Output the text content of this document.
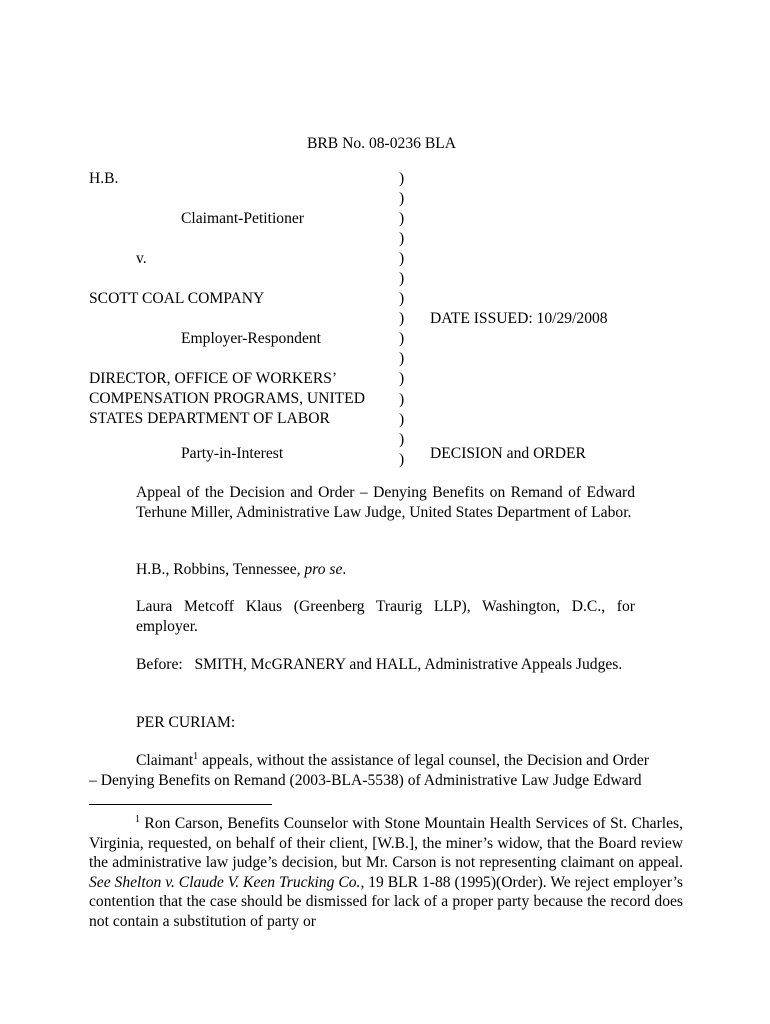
BRB No. 08-0236 BLA

H.B.

Claimant-Petitioner

v.

SCOTT COAL COMPANY

Employer-Respondent

DIRECTOR, OFFICE OF WORKERS’

COMPENSATION PROGRAMS, UNITED

STATES DEPARTMENT OF LABOR

Party-in-Interest

)
)
)
)
)
)
)
)
)
)
)
)
)
)
)

DATE ISSUED: 10/29/2008

DECISION and ORDER

Appeal of the Decision and Order – Denying Benefits on Remand of Edward Terhune Miller, Administrative Law Judge, United States Department of Labor.

H.B., Robbins, Tennessee, pro se.

Laura Metcoff Klaus (Greenberg Traurig LLP), Washington, D.C., for employer.

Before: SMITH, McGRANERY and HALL, Administrative Appeals Judges.

PER CURIAM:

Claimant$^1$ appeals, without the assistance of legal counsel, the Decision and Order

– Denying Benefits on Remand (2003-BLA-5538) of Administrative Law Judge Edward

$^1$ Ron Carson, Benefits Counselor with Stone Mountain Health Services of St. Charles, Virginia, requested, on behalf of their client, [W.B.], the miner’s widow, that the Board review the administrative law judge’s decision, but Mr. Carson is not representing claimant on appeal. See Shelton v. Claude V. Keen Trucking Co., 19 BLR 1-88 (1995)(Order). We reject employer’s contention that the case should be dismissed for lack of a proper party because the record does not contain a substitution of party or
